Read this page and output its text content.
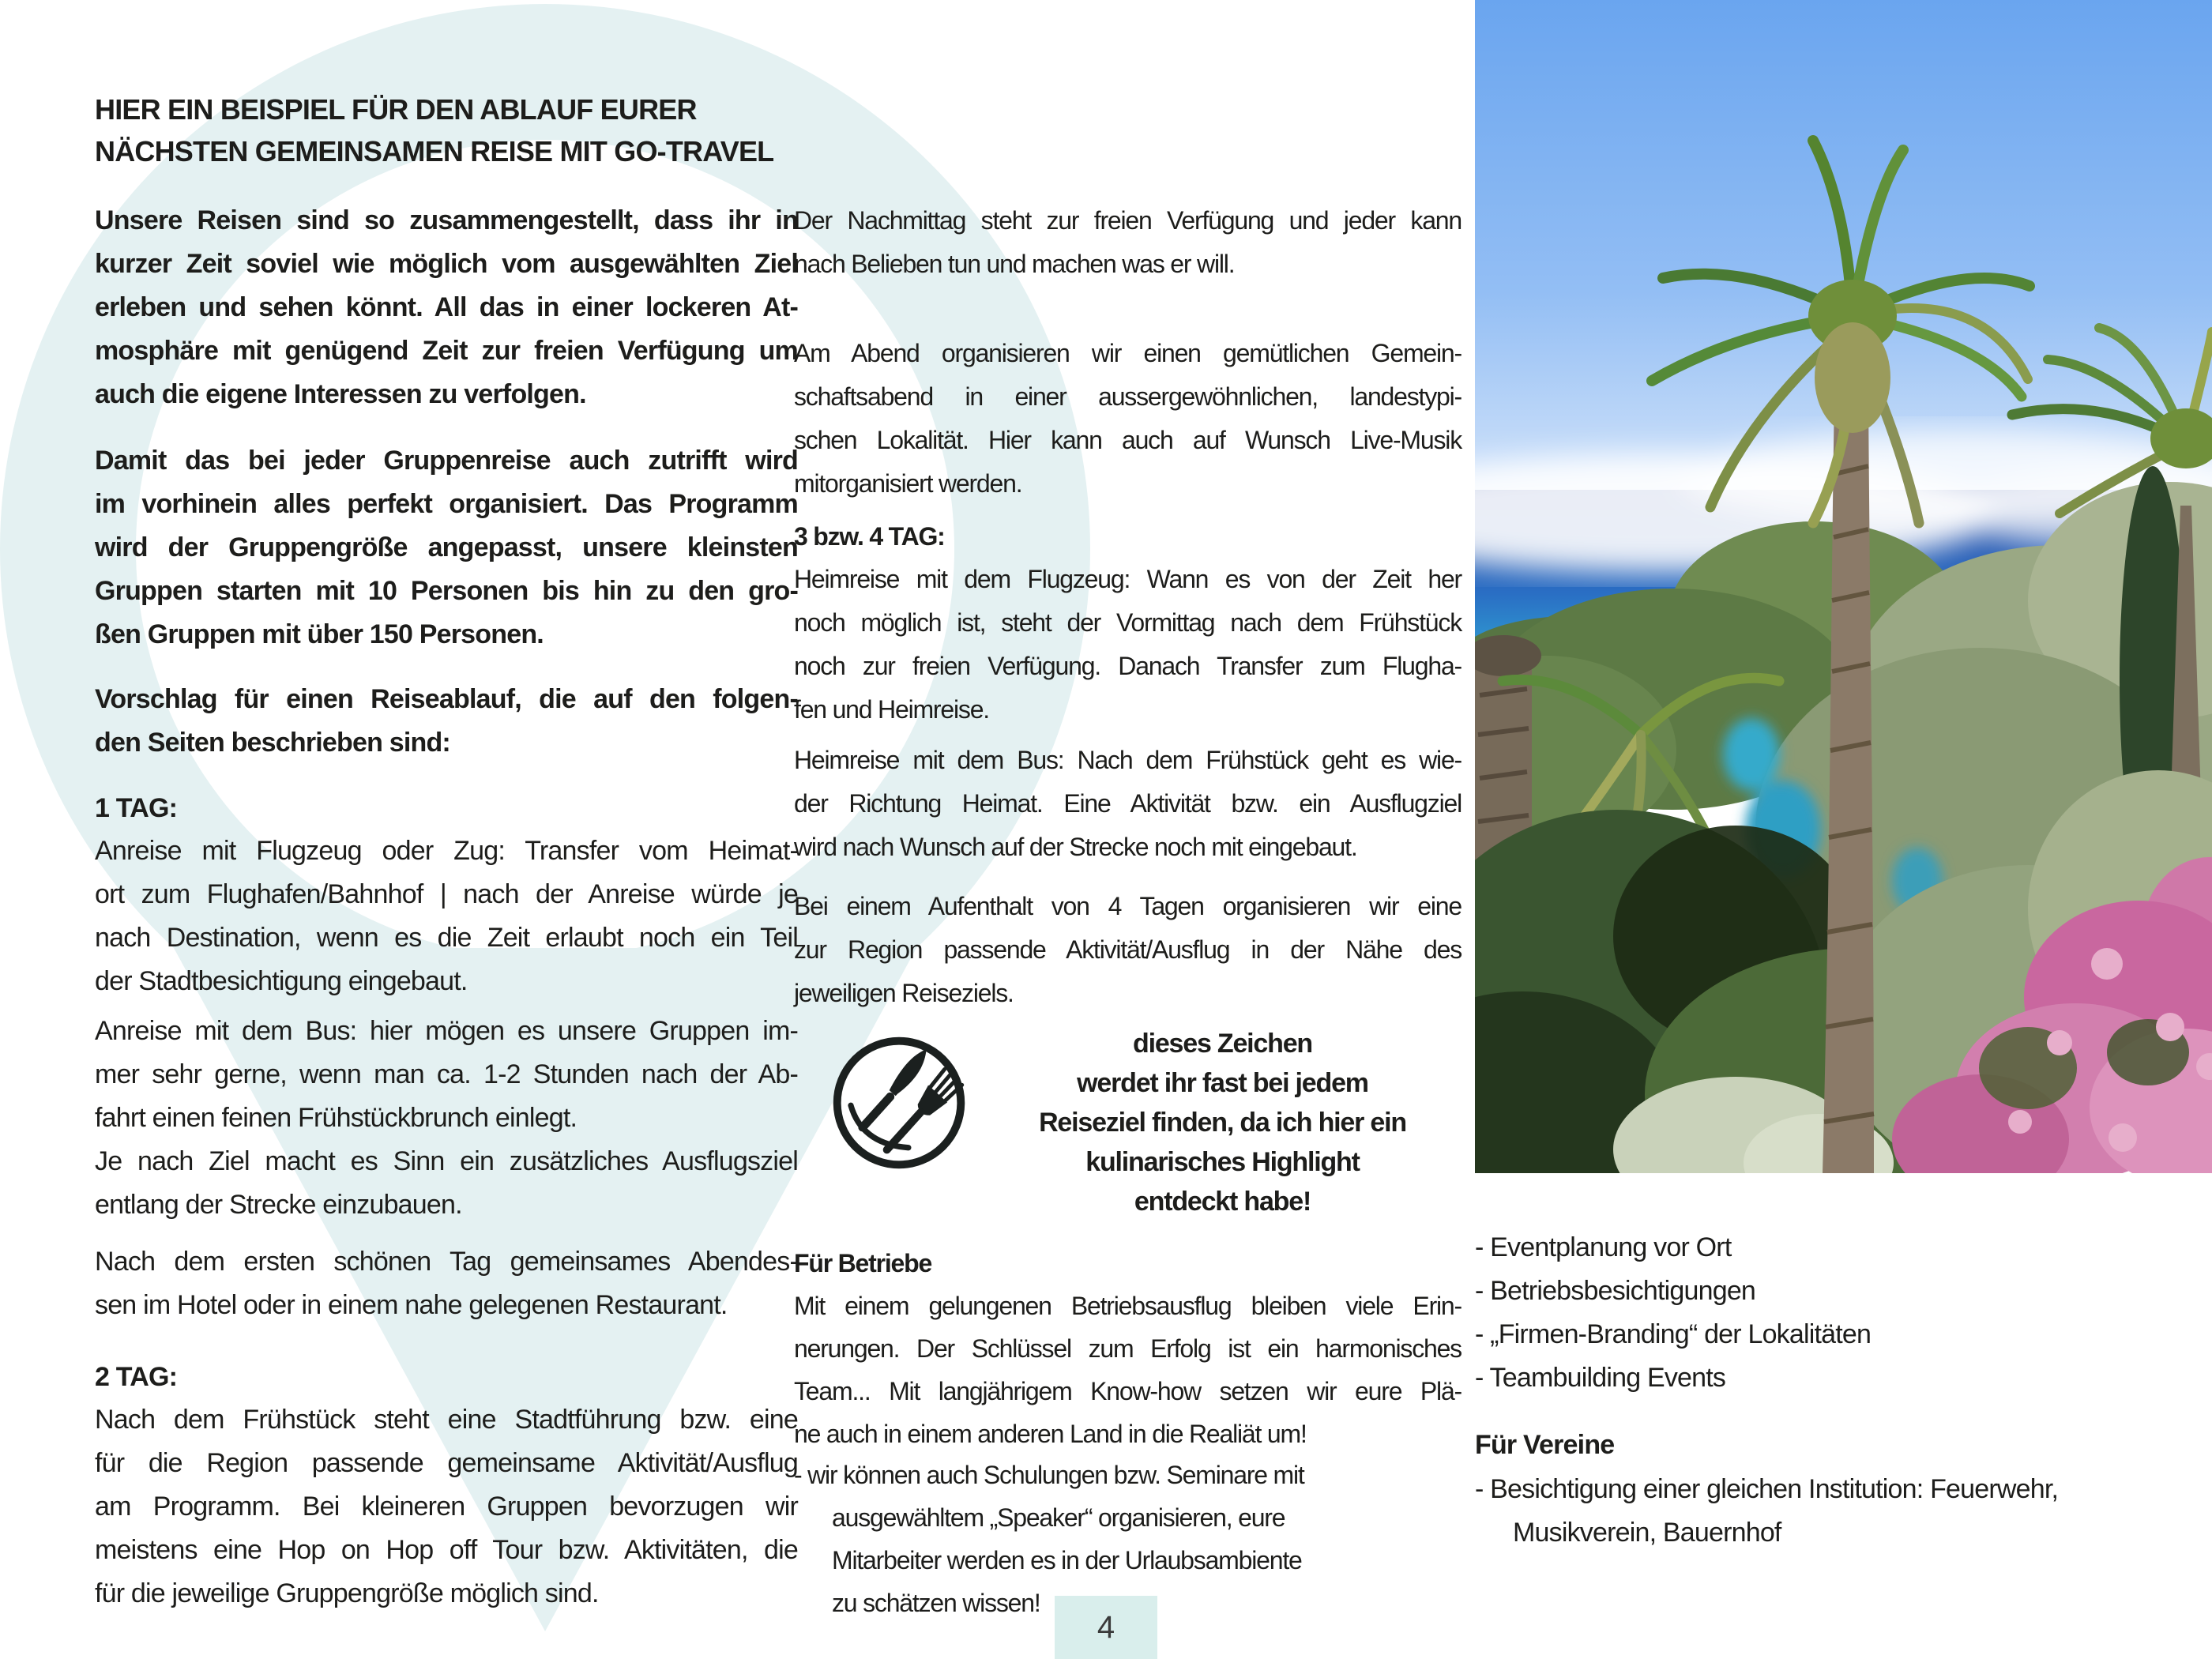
HIER EIN BEISPIEL FÜR DEN ABLAUF EURER
NÄCHSTEN GEMEINSAMEN REISE MIT GO-TRAVEL
Unsere Reisen sind so zusammengestellt, dass ihr in
kurzer Zeit soviel wie möglich vom ausgewählten Ziel
erleben und sehen könnt. All das in einer lockeren At-
mosphäre mit genügend Zeit zur freien Verfügung um
auch die eigene Interessen zu verfolgen.
Damit das bei jeder Gruppenreise auch zutrifft wird
im vorhinein alles perfekt organisiert. Das Programm
wird der Gruppengröße angepasst, unsere kleinsten
Gruppen starten mit 10 Personen bis hin zu den gro-
ßen Gruppen mit über 150 Personen.
Vorschlag für einen Reiseablauf, die auf den folgen-
den Seiten beschrieben sind:
1 TAG:
Anreise mit Flugzeug oder Zug: Transfer vom Heimat-
ort zum Flughafen/Bahnhof | nach der Anreise würde je
nach Destination, wenn es die Zeit erlaubt noch ein Teil
der Stadtbesichtigung eingebaut.
Anreise mit dem Bus: hier mögen es unsere Gruppen im-
mer sehr gerne, wenn man ca. 1-2 Stunden nach der Ab-
fahrt einen feinen Frühstückbrunch einlegt.
Je nach Ziel macht es Sinn ein zusätzliches Ausflugsziel
entlang der Strecke einzubauen.
Nach dem ersten schönen Tag gemeinsames Abendes-
sen im Hotel oder in einem nahe gelegenen Restaurant.
2 TAG:
Nach dem Frühstück steht eine Stadtführung bzw. eine
für die Region passende gemeinsame Aktivität/Ausflug
am Programm. Bei kleineren Gruppen bevorzugen wir
meistens eine Hop on Hop off Tour bzw. Aktivitäten, die
für die jeweilige Gruppengröße möglich sind.
Der Nachmittag steht zur freien Verfügung und jeder kann
nach Belieben tun und machen was er will.
Am Abend organisieren wir einen gemütlichen Gemein-
schaftsabend in einer aussergewöhnlichen, landestypi-
schen Lokalität. Hier kann auch auf Wunsch Live-Musik
mitorganisiert werden.
3 bzw. 4 TAG:
Heimreise mit dem Flugzeug: Wann es von der Zeit her
noch möglich ist, steht der Vormittag nach dem Frühstück
noch zur freien Verfügung. Danach Transfer zum Flugha-
fen und Heimreise.
Heimreise mit dem Bus: Nach dem Frühstück geht es wie-
der Richtung Heimat. Eine Aktivität bzw. ein Ausflugziel
wird nach Wunsch auf der Strecke noch mit eingebaut.
Bei einem Aufenthalt von 4 Tagen organisieren wir eine
zur Region passende Aktivität/Ausflug in der Nähe des
jeweiligen Reiseziels.
dieses Zeichen
werdet ihr fast bei jedem
Reiseziel finden, da ich hier ein
kulinarisches Highlight
entdeckt habe!
Für Betriebe
Mit einem gelungenen Betriebsausflug bleiben viele Erin-
nerungen. Der Schlüssel zum Erfolg ist ein harmonisches
Team... Mit langjährigem Know-how setzen wir eure Plä-
ne auch in einem anderen Land in die Realiät um!
- wir können auch Schulungen bzw. Seminare mit
ausgewähltem „Speaker“ organisieren, eure
Mitarbeiter werden es in der Urlaubsambiente
zu schätzen wissen!
- Eventplanung vor Ort
- Betriebsbesichtigungen
- „Firmen-Branding“ der Lokalitäten
- Teambuilding Events
Für Vereine
- Besichtigung einer gleichen Institution: Feuerwehr,
Musikverein, Bauernhof
4
